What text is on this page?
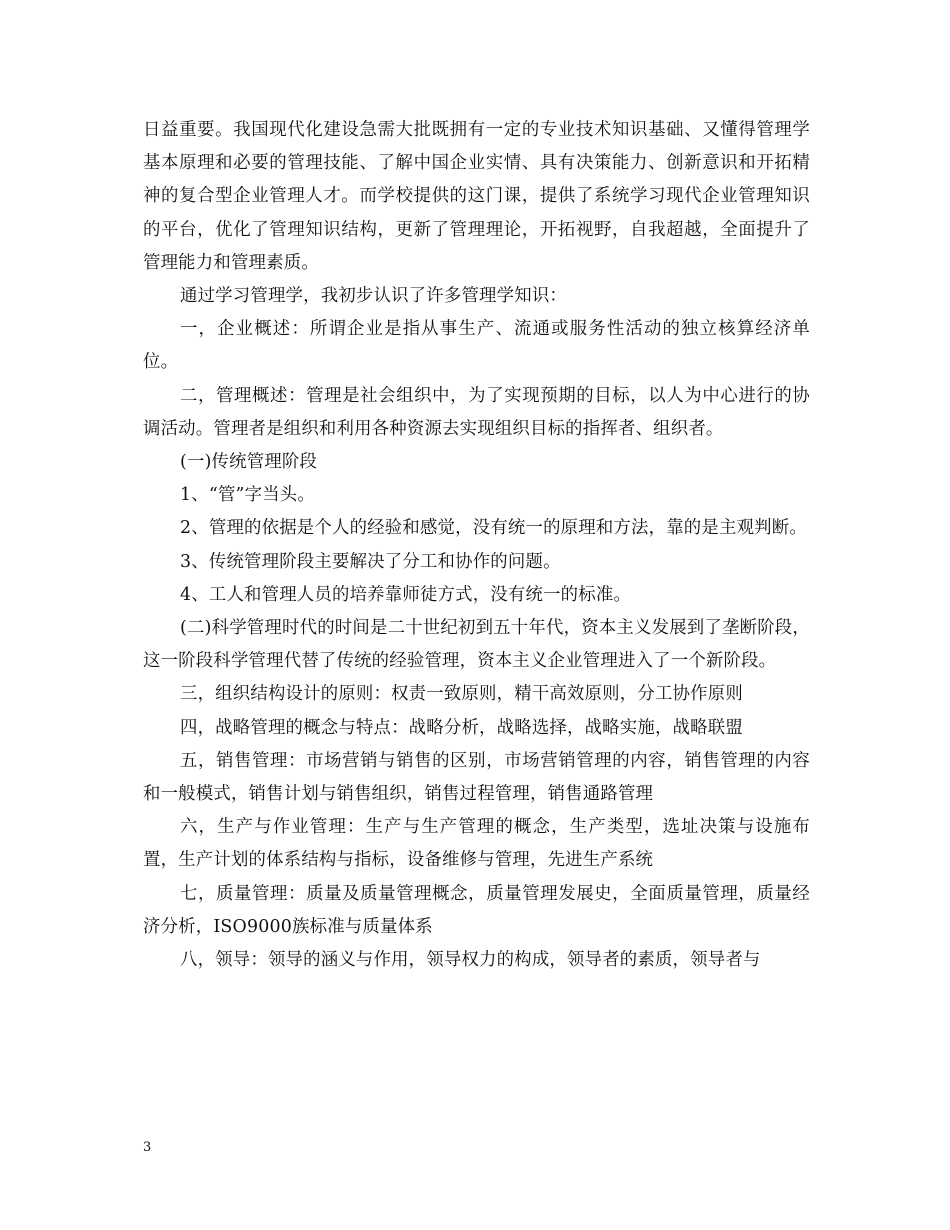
日益重要。我国现代化建设急需大批既拥有一定的专业技术知识基础、又懂得管理学基本原理和必要的管理技能、了解中国企业实情、具有决策能力、创新意识和开拓精神的复合型企业管理人才。而学校提供的这门课，提供了系统学习现代企业管理知识的平台，优化了管理知识结构，更新了管理理论，开拓视野，自我超越，全面提升了管理能力和管理素质。

通过学习管理学，我初步认识了许多管理学知识：

一，企业概述：所谓企业是指从事生产、流通或服务性活动的独立核算经济单位。

二，管理概述：管理是社会组织中，为了实现预期的目标，以人为中心进行的协调活动。管理者是组织和利用各种资源去实现组织目标的指挥者、组织者。

(一)传统管理阶段

1、“管”字当头。

2、管理的依据是个人的经验和感觉，没有统一的原理和方法，靠的是主观判断。

3、传统管理阶段主要解决了分工和协作的问题。

4、工人和管理人员的培养靠师徒方式，没有统一的标准。

(二)科学管理时代的时间是二十世纪初到五十年代，资本主义发展到了垄断阶段，这一阶段科学管理代替了传统的经验管理，资本主义企业管理进入了一个新阶段。

三，组织结构设计的原则：权责一致原则，精干高效原则，分工协作原则

四，战略管理的概念与特点：战略分析，战略选择，战略实施，战略联盟

五，销售管理：市场营销与销售的区别，市场营销管理的内容，销售管理的内容和一般模式，销售计划与销售组织，销售过程管理，销售通路管理

六，生产与作业管理：生产与生产管理的概念，生产类型，选址决策与设施布置，生产计划的体系结构与指标，设备维修与管理，先进生产系统

七，质量管理：质量及质量管理概念，质量管理发展史，全面质量管理，质量经济分析，ISO9000族标准与质量体系

八，领导：领导的涵义与作用，领导权力的构成，领导者的素质，领导者与

3
